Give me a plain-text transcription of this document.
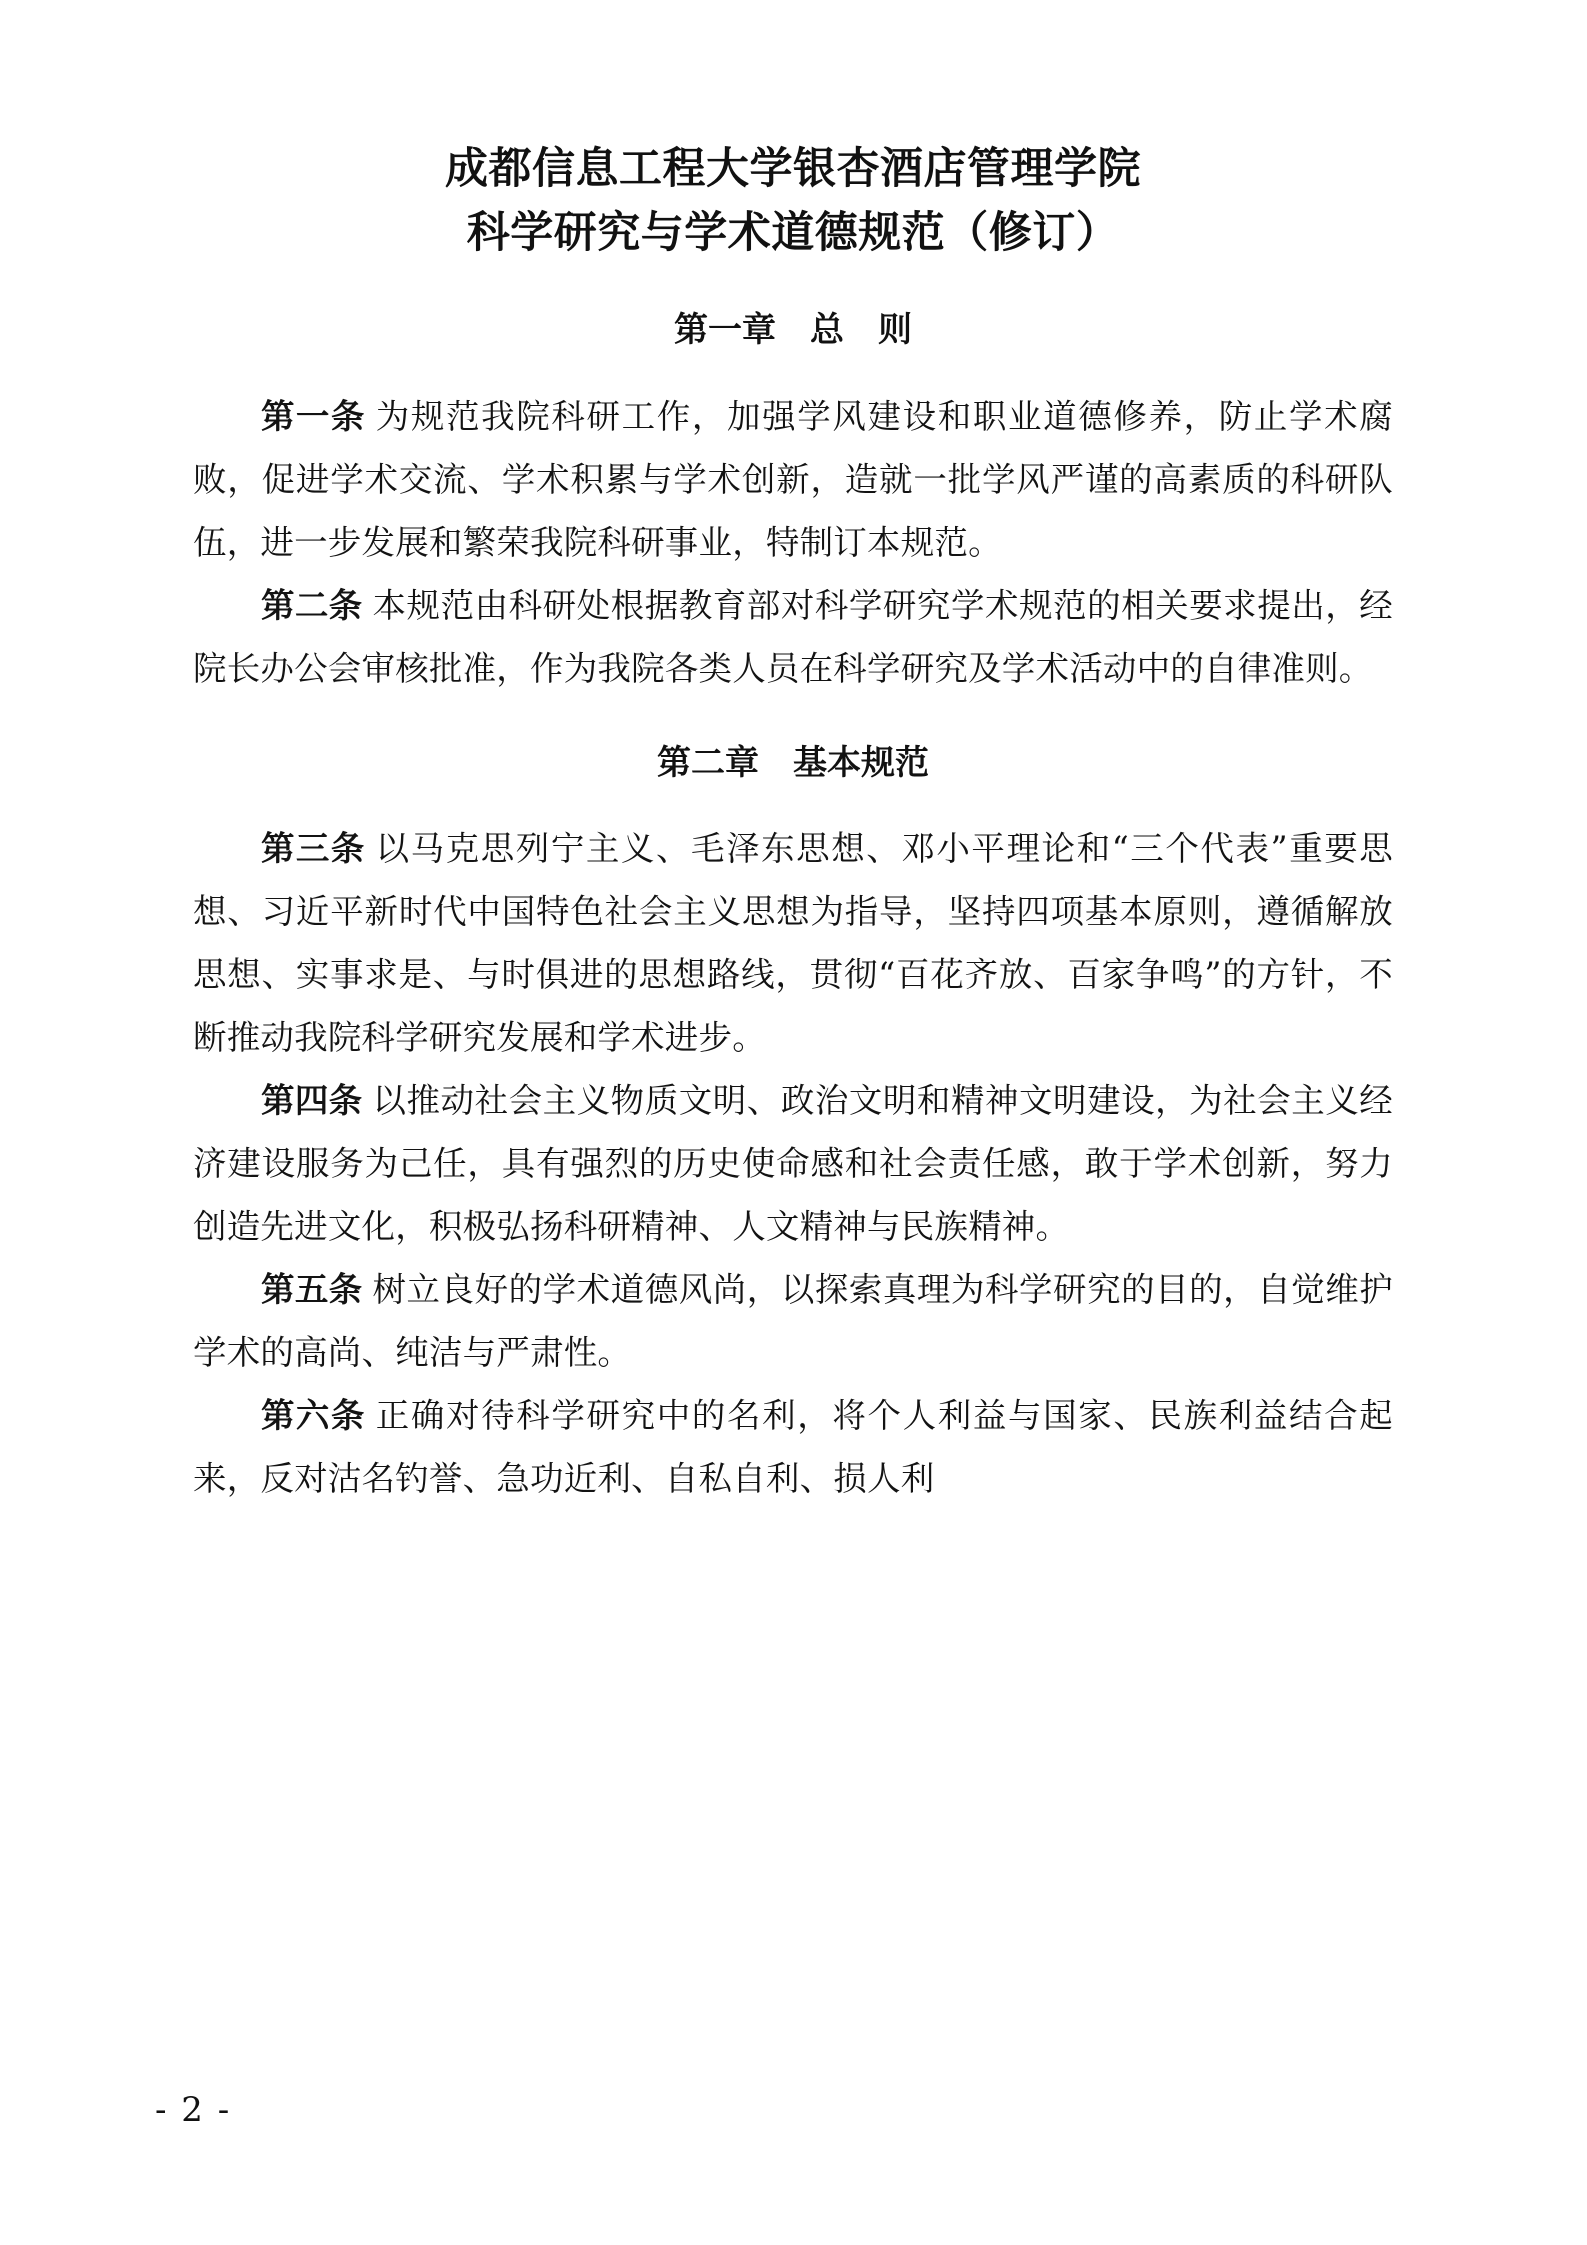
成都信息工程大学银杏酒店管理学院
科学研究与学术道德规范（修订）
第一章　总　则

第一条 为规范我院科研工作，加强学风建设和职业道德修养，防止学术腐败，促进学术交流、学术积累与学术创新，造就一批学风严谨的高素质的科研队伍，进一步发展和繁荣我院科研事业，特制订本规范。

第二条 本规范由科研处根据教育部对科学研究学术规范的相关要求提出，经院长办公会审核批准，作为我院各类人员在科学研究及学术活动中的自律准则。

第二章　基本规范

第三条 以马克思列宁主义、毛泽东思想、邓小平理论和“三个代表”重要思想、习近平新时代中国特色社会主义思想为指导，坚持四项基本原则，遵循解放思想、实事求是、与时俱进的思想路线，贯彻“百花齐放、百家争鸣”的方针，不断推动我院科学研究发展和学术进步。

第四条 以推动社会主义物质文明、政治文明和精神文明建设，为社会主义经济建设服务为己任，具有强烈的历史使命感和社会责任感，敢于学术创新，努力创造先进文化，积极弘扬科研精神、人文精神与民族精神。

第五条 树立良好的学术道德风尚，以探索真理为科学研究的目的，自觉维护学术的高尚、纯洁与严肃性。

第六条 正确对待科学研究中的名利，将个人利益与国家、民族利益结合起来，反对沽名钓誉、急功近利、自私自利、损人利

- 2 -
